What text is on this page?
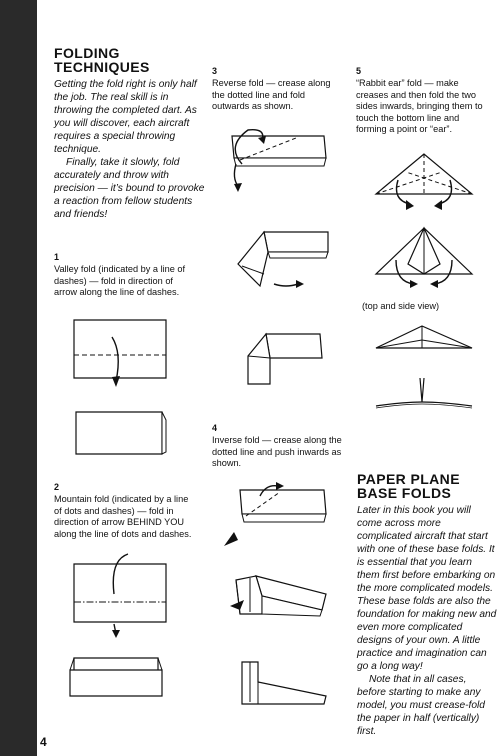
FOLDING TECHNIQUES

Getting the fold right is only half the job. The real skill is in throwing the completed dart. As you will discover, each aircraft requires a special throwing technique.

Finally, take it slowly, fold accurately and throw with precision — it’s bound to provoke a reaction from fellow students and friends!

1

Valley fold (indicated by a line of dashes) — fold in direction of arrow along the line of dashes.

2

Mountain fold (indicated by a line of dots and dashes) — fold in direction of arrow BEHIND YOU along the line of dots and dashes.

3

Reverse fold — crease along the dotted line and fold outwards as shown.

4

Inverse fold — crease along the dotted line and push inwards as shown.

5

“Rabbit ear” fold — make creases and then fold the two sides inwards, bringing them to touch the bottom line and forming a point or “ear”.

(top and side view)

PAPER PLANE BASE FOLDS

Later in this book you will come across more complicated aircraft that start with one of these base folds. It is essential that you learn them first before embarking on the more complicated models. These base folds are also the foundation for making new and even more complicated designs of your own. A little practice and imagination can go a long way!

Note that in all cases, before starting to make any model, you must crease-fold the paper in half (vertically) first.

4
